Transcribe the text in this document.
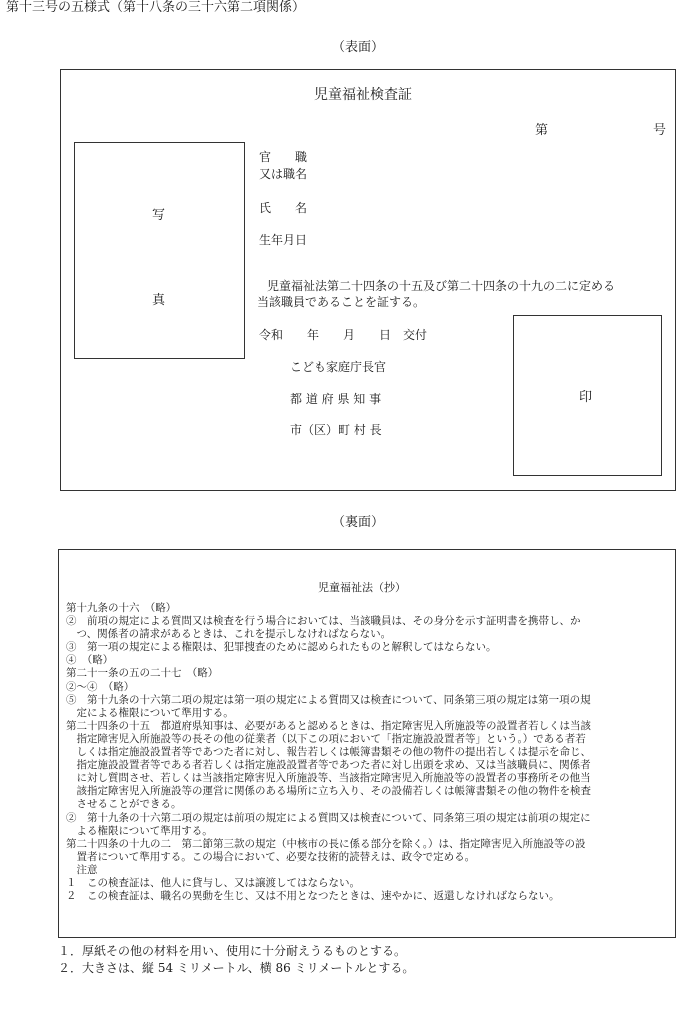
第十三号の五様式（第十八条の三十六第二項関係）
（表面）
児童福祉検査証
第	号
写
真
官　　職
又は職名
氏　　名
生年月日
児童福祉法第二十四条の十五及び第二十四条の十九の二に定める
当該職員であることを証する。
令和　　年　　月　　日　交付
こども家庭庁長官
都 道 府 県 知 事
市（区）町 村 長
印
（裏面）
児童福祉法（抄）
第十九条の十六　（略）
②　前項の規定による質問又は検査を行う場合においては、当該職員は、その身分を示す証明書を携帯し、か
　つ、関係者の請求があるときは、これを提示しなければならない。
③　第一項の規定による権限は、犯罪捜査のために認められたものと解釈してはならない。
④　（略）
第二十一条の五の二十七　（略）
②～④　（略）
⑤　第十九条の十六第二項の規定は第一項の規定による質問又は検査について、同条第三項の規定は第一項の規
　定による権限について準用する。
第二十四条の十五　都道府県知事は、必要があると認めるときは、指定障害児入所施設等の設置者若しくは当該
　指定障害児入所施設等の長その他の従業者（以下この項において「指定施設設置者等」という。）である者若
　しくは指定施設設置者等であつた者に対し、報告若しくは帳簿書類その他の物件の提出若しくは提示を命じ、
　指定施設設置者等である者若しくは指定施設設置者等であつた者に対し出頭を求め、又は当該職員に、関係者
　に対し質問させ、若しくは当該指定障害児入所施設等、当該指定障害児入所施設等の設置者の事務所その他当
　該指定障害児入所施設等の運営に関係のある場所に立ち入り、その設備若しくは帳簿書類その他の物件を検査
　させることができる。
②　第十九条の十六第二項の規定は前項の規定による質問又は検査について、同条第三項の規定は前項の規定に
　よる権限について準用する。
第二十四条の十九の二　第二節第三款の規定（中核市の長に係る部分を除く。）は、指定障害児入所施設等の設
　置者について準用する。この場合において、必要な技術的読替えは、政令で定める。
　注意
１　この検査証は、他人に貸与し、又は譲渡してはならない。
２　この検査証は、職名の異動を生じ、又は不用となつたときは、速やかに、返還しなければならない。
１．厚紙その他の材料を用い、使用に十分耐えうるものとする。
２．大きさは、縦 54 ミリメートル、横 86 ミリメートルとする。
